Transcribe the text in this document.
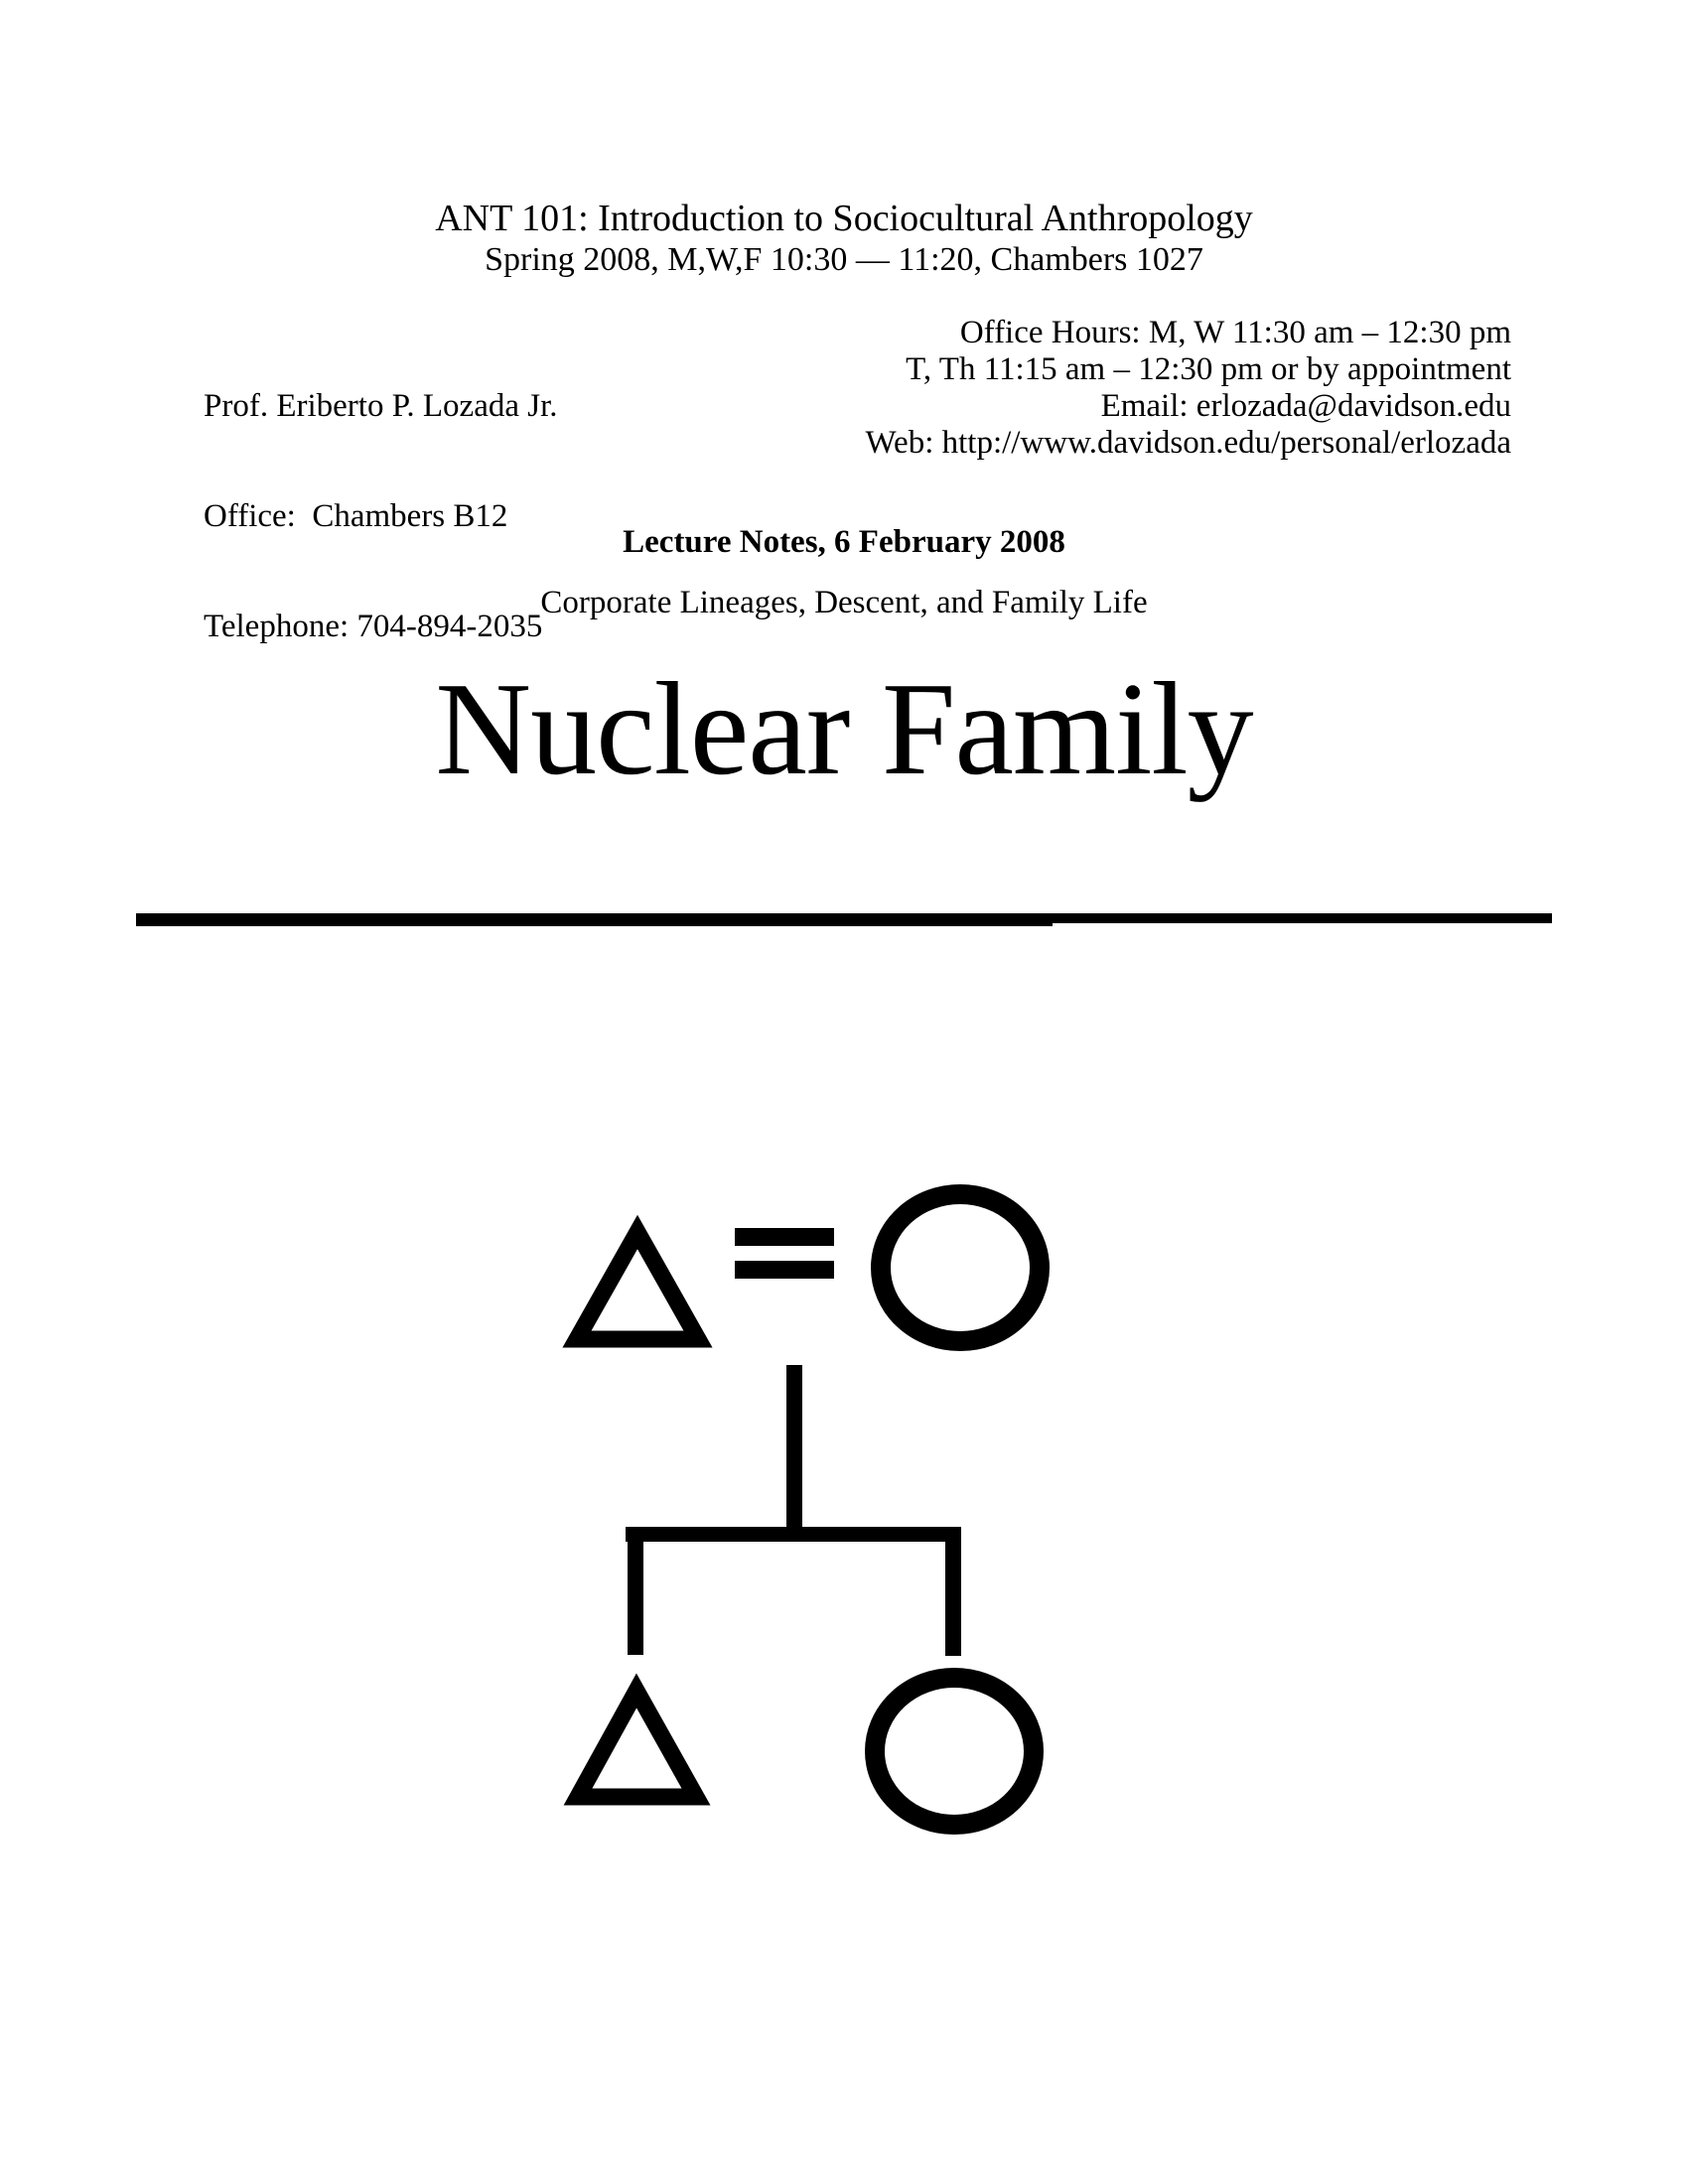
ANT 101: Introduction to Sociocultural Anthropology
Spring 2008, M,W,F 10:30 — 11:20, Chambers 1027

Prof. Eriberto P. Lozada Jr.

Office:  Chambers B12

Telephone: 704-894-2035

Office Hours: M, W 11:30 am – 12:30 pm
T, Th 11:15 am – 12:30 pm or by appointment
Email: erlozada@davidson.edu
Web: http://www.davidson.edu/personal/erlozada
Lecture Notes, 6 February 2008
Corporate Lineages, Descent, and Family Life
Nuclear Family
